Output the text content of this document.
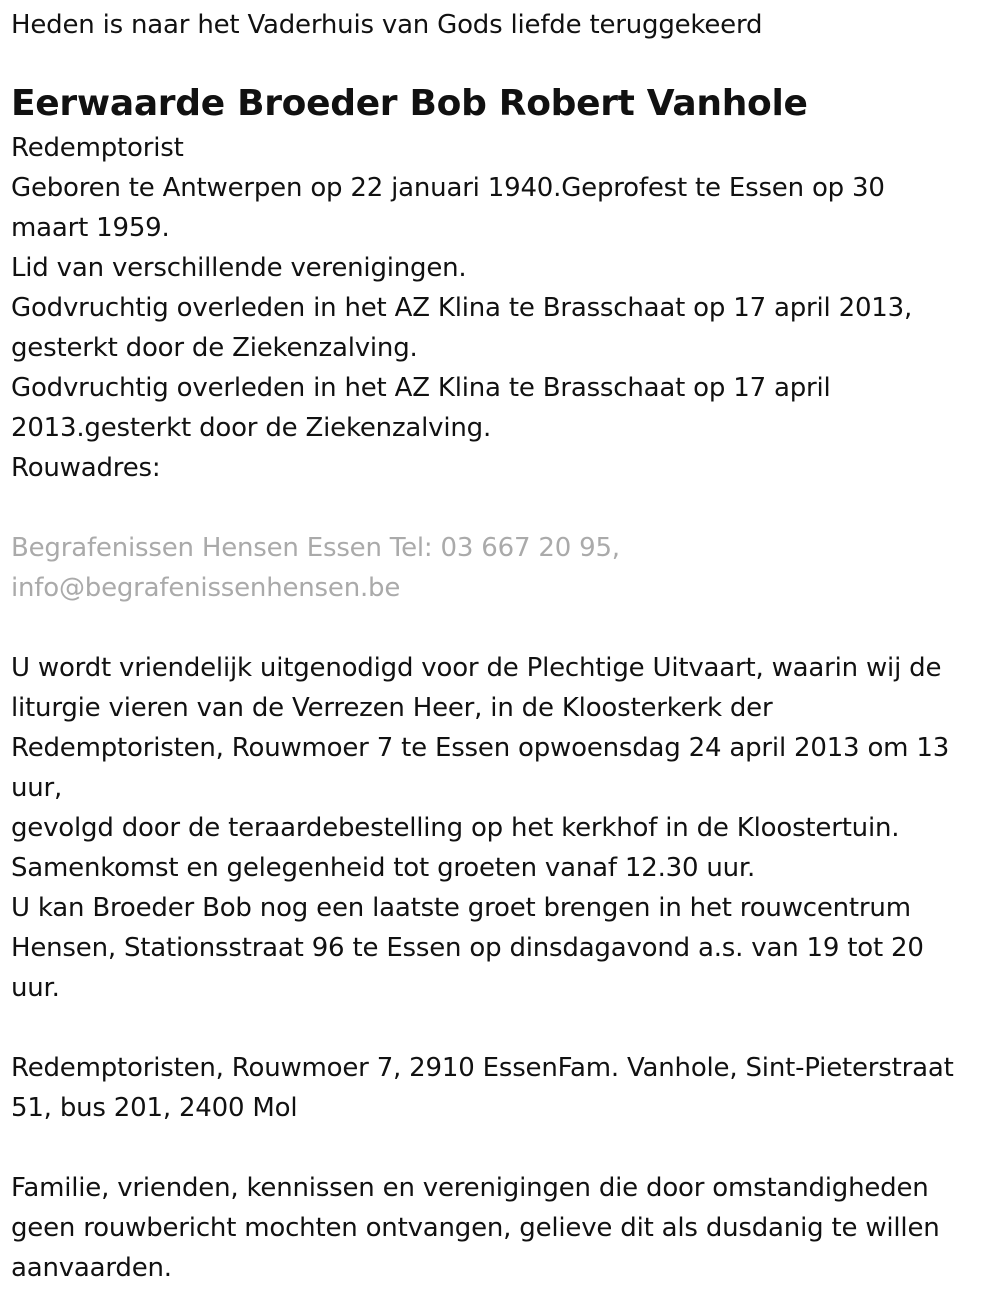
Heden is naar het Vaderhuis van Gods liefde teruggekeerd
Eerwaarde Broeder Bob Robert Vanhole
Redemptorist
Geboren te Antwerpen op 22 januari 1940.Geprofest te Essen op 30
maart 1959.
Lid van verschillende verenigingen.
Godvruchtig overleden in het AZ Klina te Brasschaat op 17 april 2013,
gesterkt door de Ziekenzalving.
Godvruchtig overleden in het AZ Klina te Brasschaat op 17 april
2013.gesterkt door de Ziekenzalving.
Rouwadres:
Begrafenissen Hensen Essen Tel: 03 667 20 95,
info@begrafenissenhensen.be
U wordt vriendelijk uitgenodigd voor de Plechtige Uitvaart, waarin wij de
liturgie vieren van de Verrezen Heer, in de Kloosterkerk der
Redemptoristen, Rouwmoer 7 te Essen opwoensdag 24 april 2013 om 13
uur,
gevolgd door de teraardebestelling op het kerkhof in de Kloostertuin.
Samenkomst en gelegenheid tot groeten vanaf 12.30 uur.
U kan Broeder Bob nog een laatste groet brengen in het rouwcentrum
Hensen, Stationsstraat 96 te Essen op dinsdagavond a.s. van 19 tot 20
uur.
Redemptoristen, Rouwmoer 7, 2910 EssenFam. Vanhole, Sint-Pieterstraat
51, bus 201, 2400 Mol
Familie, vrienden, kennissen en verenigingen die door omstandigheden
geen rouwbericht mochten ontvangen, gelieve dit als dusdanig te willen
aanvaarden.
